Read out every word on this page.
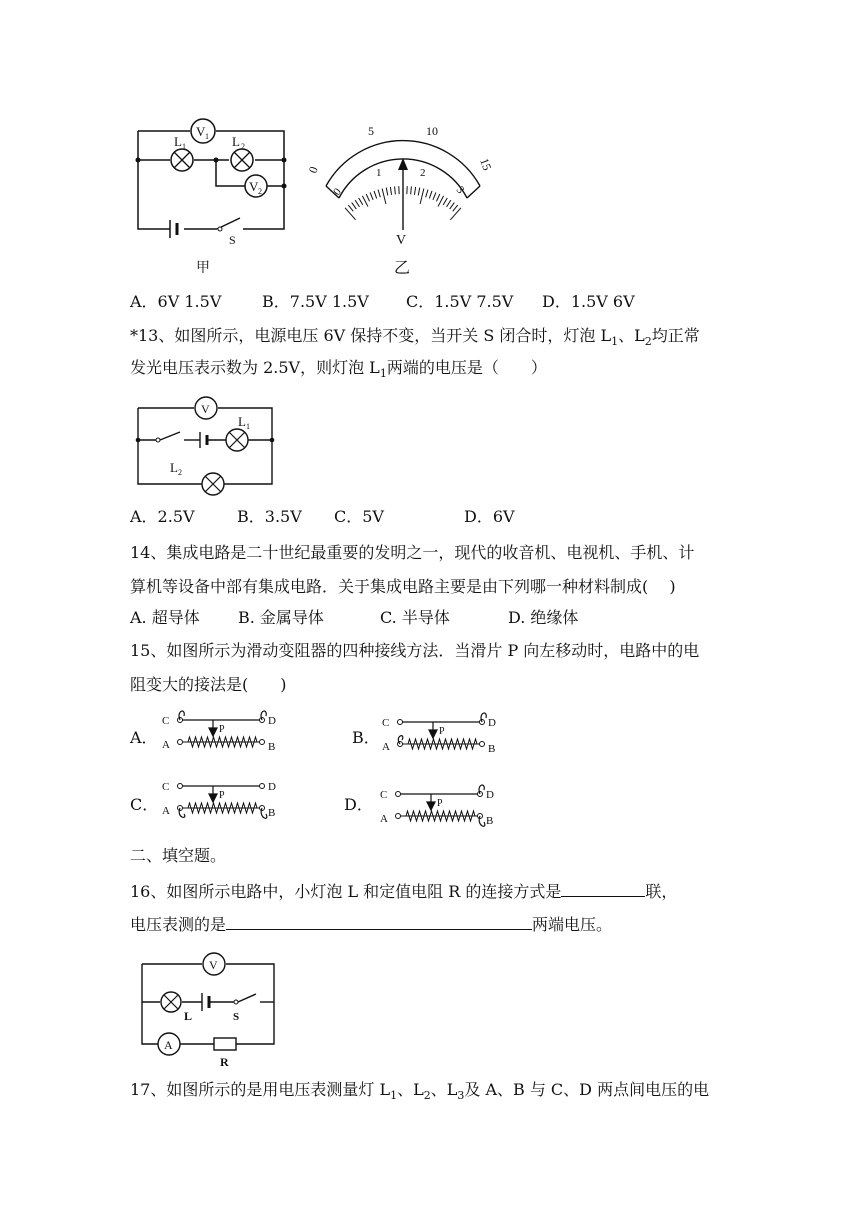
V 1
L 1	L 2
V 2
S
甲
0
5	10
15
0
1	2
3
V
乙
A．6V 1.5V	B．7.5V 1.5V C．1.5V 7.5V D．1.5V 6V
*13、如图所示，电源电压 6V 保持不变，当开关 S 闭合时，灯泡 $L_1$、$L_2$均正常
发光电压表示数为 2.5V，则灯泡 $L_1$两端的电压是（　　）
V
L 1
L 2
A．2.5V	B．3.5V C．5V	D．6V
14、集成电路是二十世纪最重要的发明之一，现代的收音机、电视机、手机、计
算机等设备中部有集成电路．关于集成电路主要是由下列哪一种材料制成(　 )
A. 超导体 B. 金属导体	C. 半导体	D. 绝缘体
15、如图所示为滑动变阻器的四种接线方法．当滑片 P 向左移动时，电路中的电
阻变大的接法是(　　)
A．	B．
C．	D．
C	D
A	B
P
C	D
A	B
P
C	D
A	B
P	C	D
A	B
P
二、填空题。
16、如图所示电路中，小灯泡 L 和定值电阻 R 的连接方式是	联，
电压表测的是	两端电压。
V
L	S
A
R
17、如图所示的是用电压表测量灯 $L_1$、$L_2$、$L_3$及 A、B 与 C、D 两点间电压的电
